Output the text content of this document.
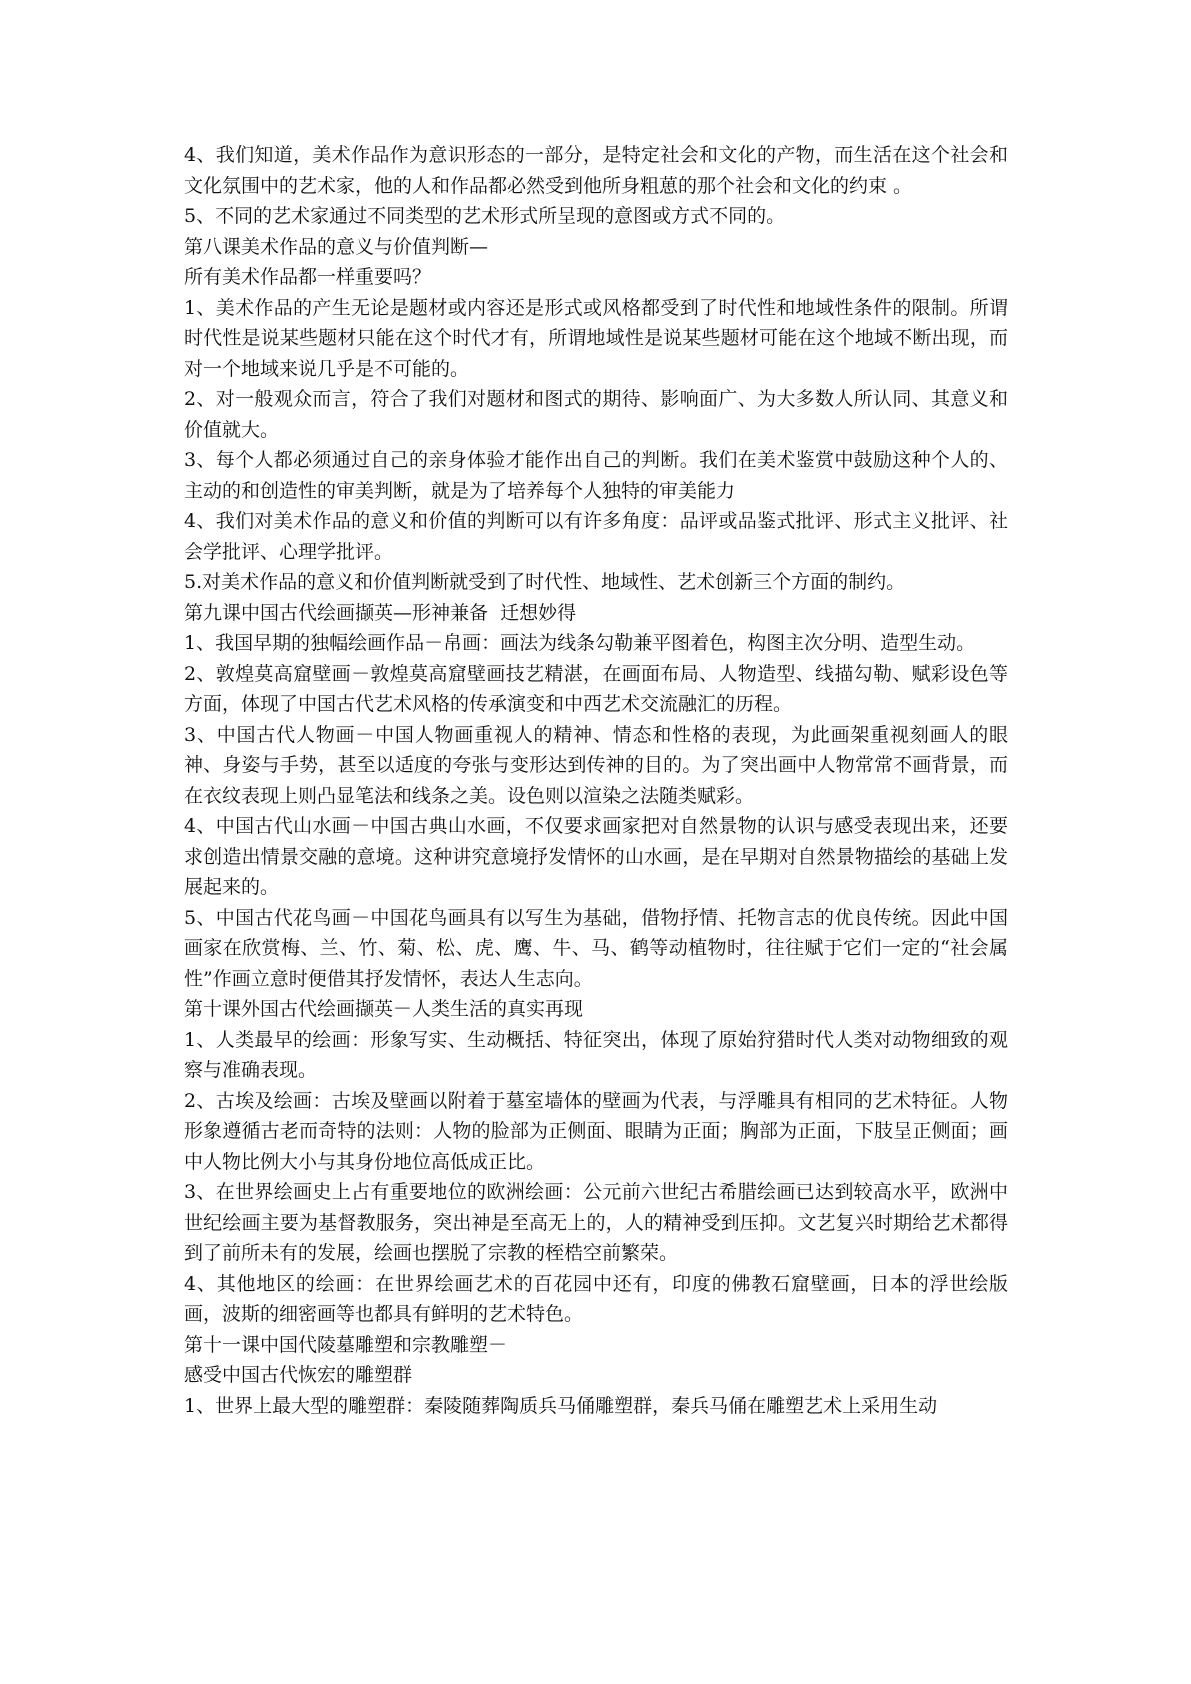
4、我们知道，美术作品作为意识形态的一部分，是特定社会和文化的产物，而生活在这个社会和文化氛围中的艺术家，他的人和作品都必然受到他所身粗葸的那个社会和文化的约束 。

5、不同的艺术家通过不同类型的艺术形式所呈现的意图或方式不同的。

第八课美术作品的意义与价值判断—

所有美术作品都一样重要吗？

1、美术作品的产生无论是题材或内容还是形式或风格都受到了时代性和地域性条件的限制。所谓时代性是说某些题材只能在这个时代才有，所谓地域性是说某些题材可能在这个地域不断出现，而对一个地域来说几乎是不可能的。

2、对一般观众而言，符合了我们对题材和图式的期待、影响面广、为大多数人所认同、其意义和价值就大。

3、每个人都必须通过自己的亲身体验才能作出自己的判断。我们在美术鉴赏中鼓励这种个人的、主动的和创造性的审美判断，就是为了培养每个人独特的审美能力

4、我们对美术作品的意义和价值的判断可以有许多角度：品评或品鉴式批评、形式主义批评、社会学批评、心理学批评。

5.对美术作品的意义和价值判断就受到了时代性、地域性、艺术创新三个方面的制约。

第九课中国古代绘画撷英—形神兼备  迁想妙得

1、我国早期的独幅绘画作品－帛画：画法为线条勾勒兼平图着色，构图主次分明、造型生动。

2、敦煌莫高窟壁画－敦煌莫高窟壁画技艺精湛，在画面布局、人物造型、线描勾勒、赋彩设色等方面，体现了中国古代艺术风格的传承演变和中西艺术交流融汇的历程。

3、中国古代人物画－中国人物画重视人的精神、情态和性格的表现，为此画架重视刻画人的眼神、身姿与手势，甚至以适度的夸张与变形达到传神的目的。为了突出画中人物常常不画背景，而在衣纹表现上则凸显笔法和线条之美。设色则以渲染之法随类赋彩。

4、中国古代山水画－中国古典山水画，不仅要求画家把对自然景物的认识与感受表现出来，还要求创造出情景交融的意境。这种讲究意境抒发情怀的山水画，是在早期对自然景物描绘的基础上发展起来的。

5、中国古代花鸟画－中国花鸟画具有以写生为基础，借物抒情、托物言志的优良传统。因此中国画家在欣赏梅、兰、竹、菊、松、虎、鹰、牛、马、鹤等动植物时，往往赋于它们一定的“社会属性”作画立意时便借其抒发情怀，表达人生志向。

第十课外国古代绘画撷英－人类生活的真实再现

1、人类最早的绘画：形象写实、生动概括、特征突出，体现了原始狩猎时代人类对动物细致的观察与准确表现。

2、古埃及绘画：古埃及壁画以附着于墓室墙体的壁画为代表，与浮雕具有相同的艺术特征。人物形象遵循古老而奇特的法则：人物的脸部为正侧面、眼睛为正面；胸部为正面，下肢呈正侧面；画中人物比例大小与其身份地位高低成正比。

3、在世界绘画史上占有重要地位的欧洲绘画：公元前六世纪古希腊绘画已达到较高水平，欧洲中世纪绘画主要为基督教服务，突出神是至高无上的，人的精神受到压抑。文艺复兴时期给艺术都得到了前所未有的发展，绘画也摆脱了宗教的桎梏空前繁荣。

4、其他地区的绘画：在世界绘画艺术的百花园中还有，印度的佛教石窟壁画，日本的浮世绘版画，波斯的细密画等也都具有鲜明的艺术特色。

第十一课中国代陵墓雕塑和宗教雕塑－

感受中国古代恢宏的雕塑群

1、世界上最大型的雕塑群：秦陵随葬陶质兵马俑雕塑群，秦兵马俑在雕塑艺术上采用生动
